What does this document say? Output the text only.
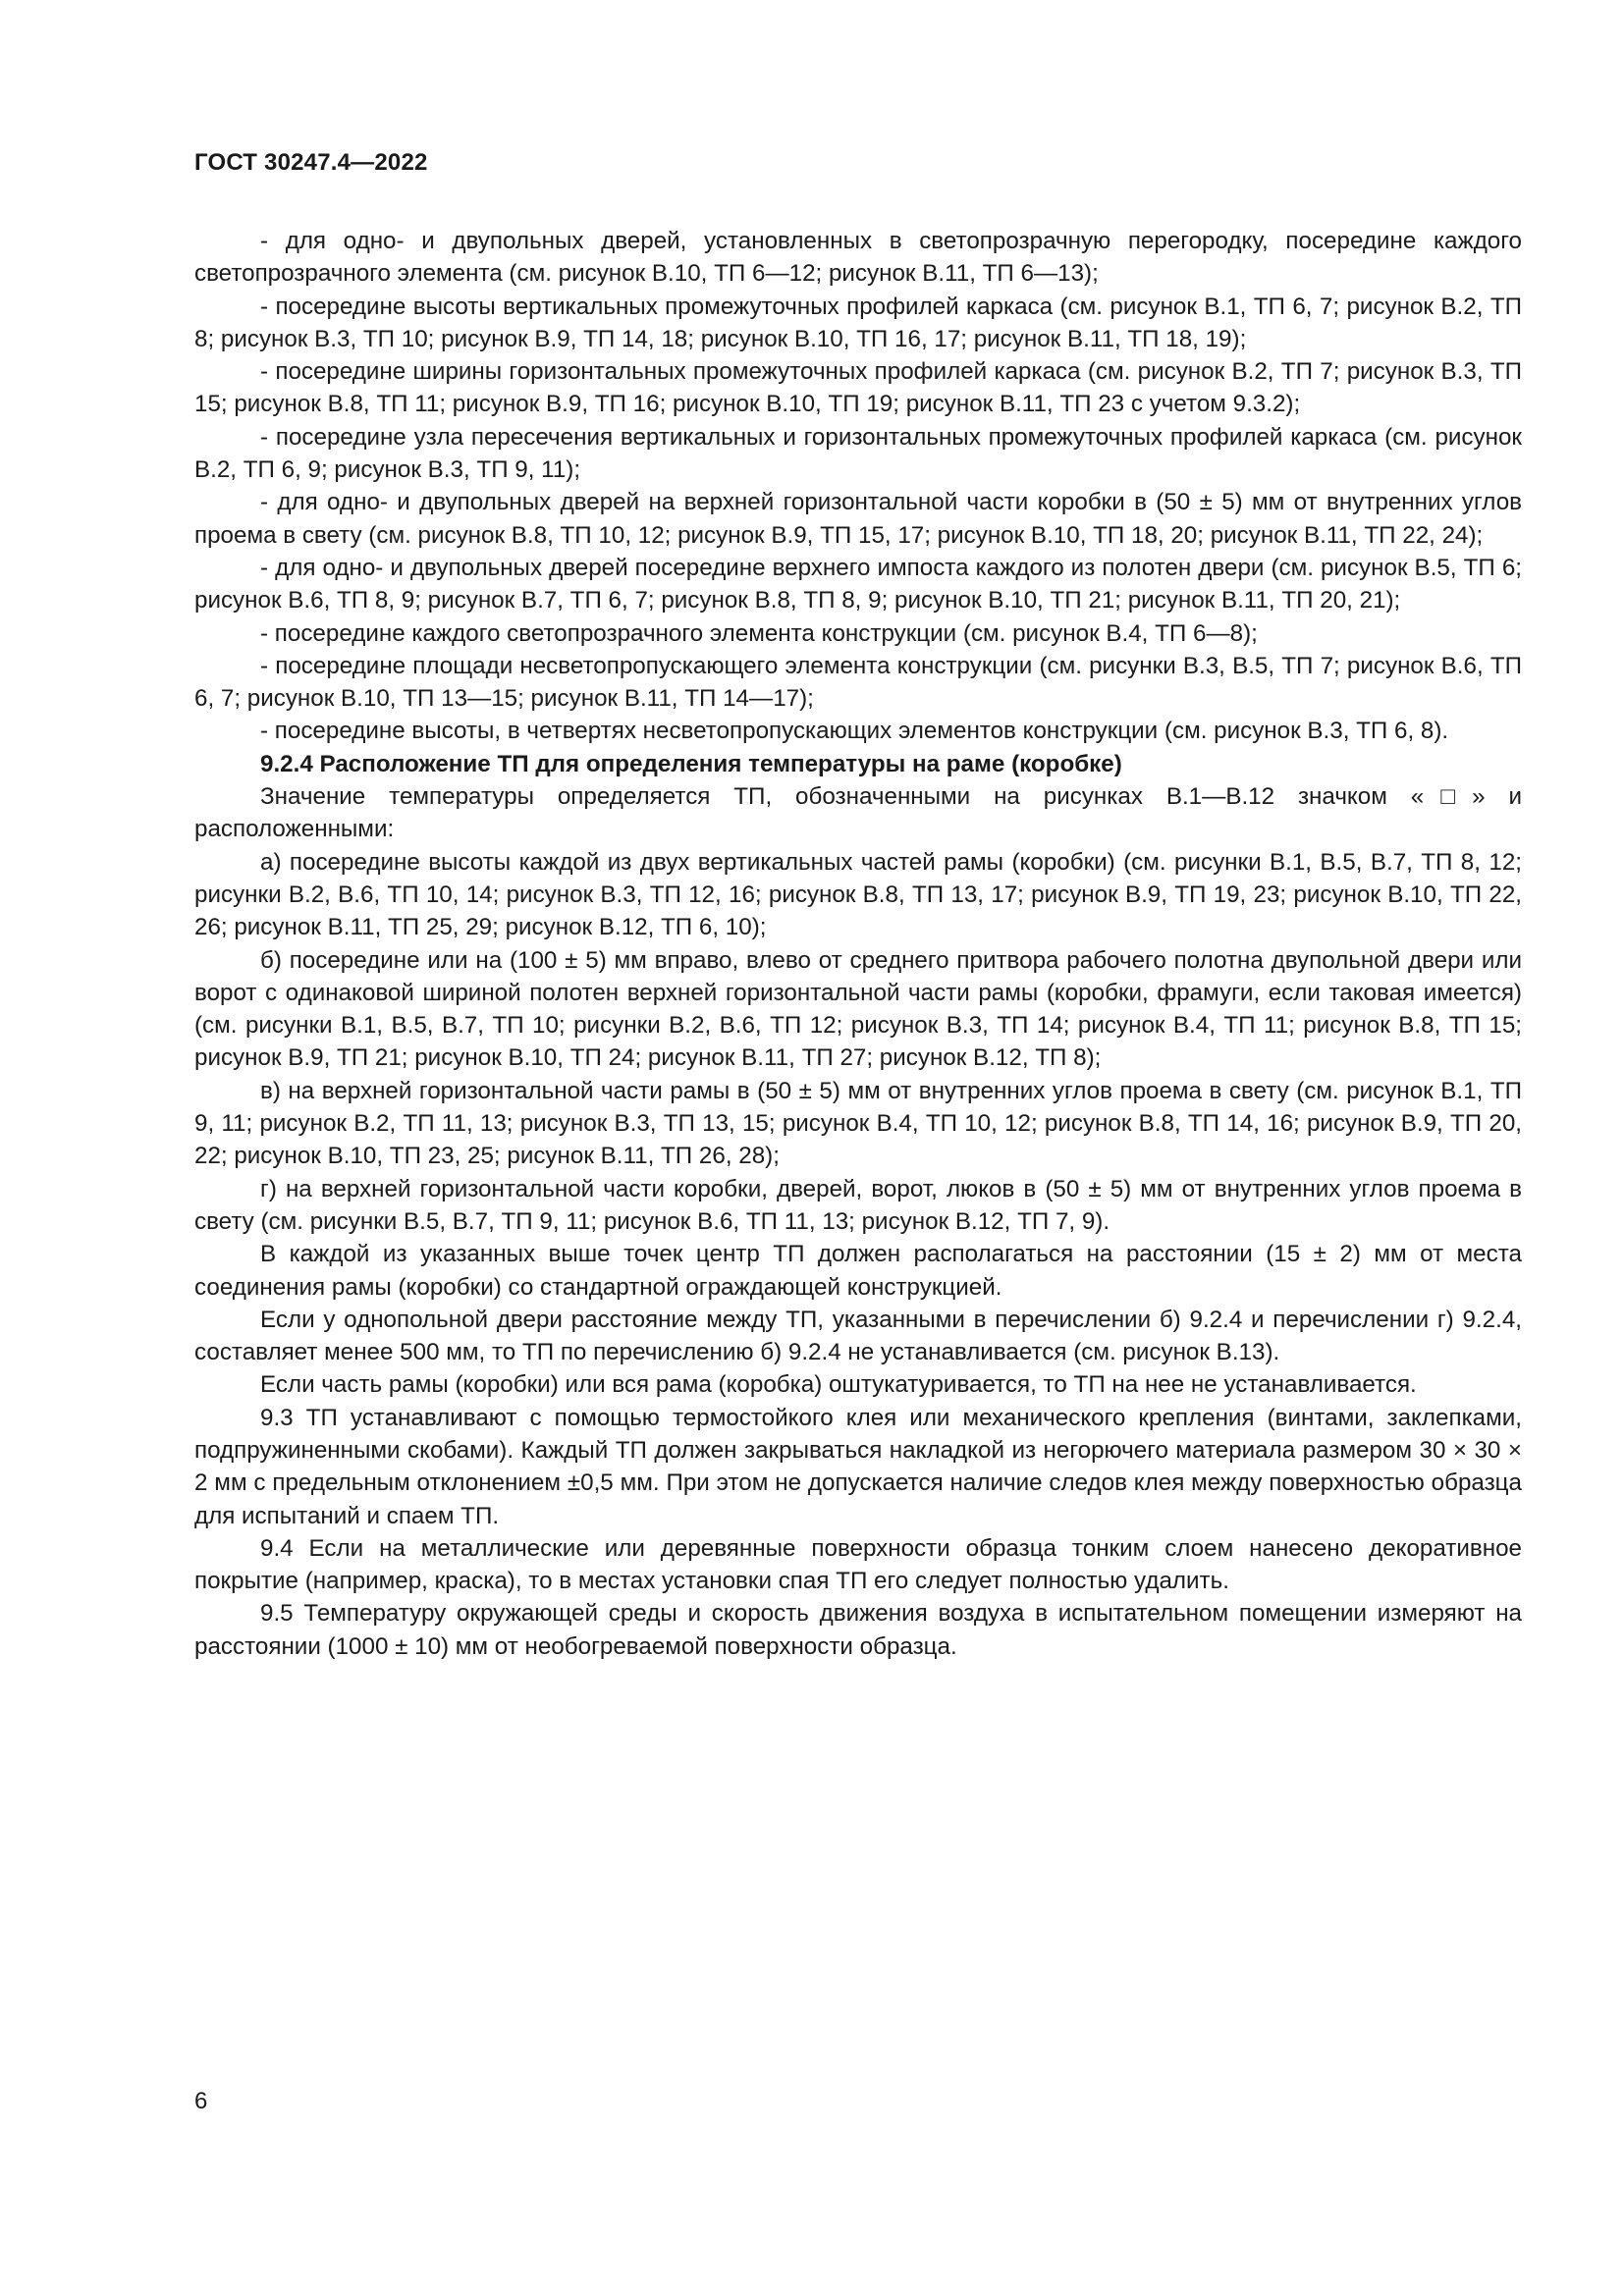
ГОСТ 30247.4—2022

- для одно- и двупольных дверей, установленных в светопрозрачную перегородку, посередине каждого светопрозрачного элемента (см. рисунок В.10, ТП 6—12; рисунок В.11, ТП 6—13);

- посередине высоты вертикальных промежуточных профилей каркаса (см. рисунок В.1, ТП 6, 7; рисунок В.2, ТП 8; рисунок В.3, ТП 10; рисунок В.9, ТП 14, 18; рисунок В.10, ТП 16, 17; рисунок В.11, ТП 18, 19);

- посередине ширины горизонтальных промежуточных профилей каркаса (см. рисунок В.2, ТП 7; рисунок В.3, ТП 15; рисунок В.8, ТП 11; рисунок В.9, ТП 16; рисунок В.10, ТП 19; рисунок В.11, ТП 23 с учетом 9.3.2);

- посередине узла пересечения вертикальных и горизонтальных промежуточных профилей каркаса (см. рисунок В.2, ТП 6, 9; рисунок В.3, ТП 9, 11);

- для одно- и двупольных дверей на верхней горизонтальной части коробки в (50 ± 5) мм от внутренних углов проема в свету (см. рисунок В.8, ТП 10, 12; рисунок В.9, ТП 15, 17; рисунок В.10, ТП 18, 20; рисунок В.11, ТП 22, 24);

- для одно- и двупольных дверей посередине верхнего импоста каждого из полотен двери (см. рисунок В.5, ТП 6; рисунок В.6, ТП 8, 9; рисунок В.7, ТП 6, 7; рисунок В.8, ТП 8, 9; рисунок В.10, ТП 21; рисунок В.11, ТП 20, 21);

- посередине каждого светопрозрачного элемента конструкции (см. рисунок В.4, ТП 6—8);

- посередине площади несветопропускающего элемента конструкции (см. рисунки В.3, В.5, ТП 7; рисунок В.6, ТП 6, 7; рисунок В.10, ТП 13—15; рисунок В.11, ТП 14—17);

- посередине высоты, в четвертях несветопропускающих элементов конструкции (см. рисунок В.3, ТП 6, 8).

9.2.4 Расположение ТП для определения температуры на раме (коробке)

Значение температуры определяется ТП, обозначенными на рисунках В.1—В.12 значком «□» и расположенными:

а) посередине высоты каждой из двух вертикальных частей рамы (коробки) (см. рисунки В.1, В.5, В.7, ТП 8, 12; рисунки В.2, В.6, ТП 10, 14; рисунок В.3, ТП 12, 16; рисунок В.8, ТП 13, 17; рисунок В.9, ТП 19, 23; рисунок В.10, ТП 22, 26; рисунок В.11, ТП 25, 29; рисунок В.12, ТП 6, 10);

б) посередине или на (100 ± 5) мм вправо, влево от среднего притвора рабочего полотна двупольной двери или ворот с одинаковой шириной полотен верхней горизонтальной части рамы (коробки, фрамуги, если таковая имеется) (см. рисунки В.1, В.5, В.7, ТП 10; рисунки В.2, В.6, ТП 12; рисунок В.3, ТП 14; рисунок В.4, ТП 11; рисунок В.8, ТП 15; рисунок В.9, ТП 21; рисунок В.10, ТП 24; рисунок В.11, ТП 27; рисунок В.12, ТП 8);

в) на верхней горизонтальной части рамы в (50 ± 5) мм от внутренних углов проема в свету (см. рисунок В.1, ТП 9, 11; рисунок В.2, ТП 11, 13; рисунок В.3, ТП 13, 15; рисунок В.4, ТП 10, 12; рисунок В.8, ТП 14, 16; рисунок В.9, ТП 20, 22; рисунок В.10, ТП 23, 25; рисунок В.11, ТП 26, 28);

г) на верхней горизонтальной части коробки, дверей, ворот, люков в (50 ± 5) мм от внутренних углов проема в свету (см. рисунки В.5, В.7, ТП 9, 11; рисунок В.6, ТП 11, 13; рисунок В.12, ТП 7, 9).

В каждой из указанных выше точек центр ТП должен располагаться на расстоянии (15 ± 2) мм от места соединения рамы (коробки) со стандартной ограждающей конструкцией.

Если у однопольной двери расстояние между ТП, указанными в перечислении б) 9.2.4 и перечислении г) 9.2.4, составляет менее 500 мм, то ТП по перечислению б) 9.2.4 не устанавливается (см. рисунок В.13).

Если часть рамы (коробки) или вся рама (коробка) оштукатуривается, то ТП на нее не устанавливается.

9.3 ТП устанавливают с помощью термостойкого клея или механического крепления (винтами, заклепками, подпружиненными скобами). Каждый ТП должен закрываться накладкой из негорючего материала размером 30 × 30 × 2 мм с предельным отклонением ±0,5 мм. При этом не допускается наличие следов клея между поверхностью образца для испытаний и спаем ТП.

9.4 Если на металлические или деревянные поверхности образца тонким слоем нанесено декоративное покрытие (например, краска), то в местах установки спая ТП его следует полностью удалить.

9.5 Температуру окружающей среды и скорость движения воздуха в испытательном помещении измеряют на расстоянии (1000 ± 10) мм от необогреваемой поверхности образца.

6
